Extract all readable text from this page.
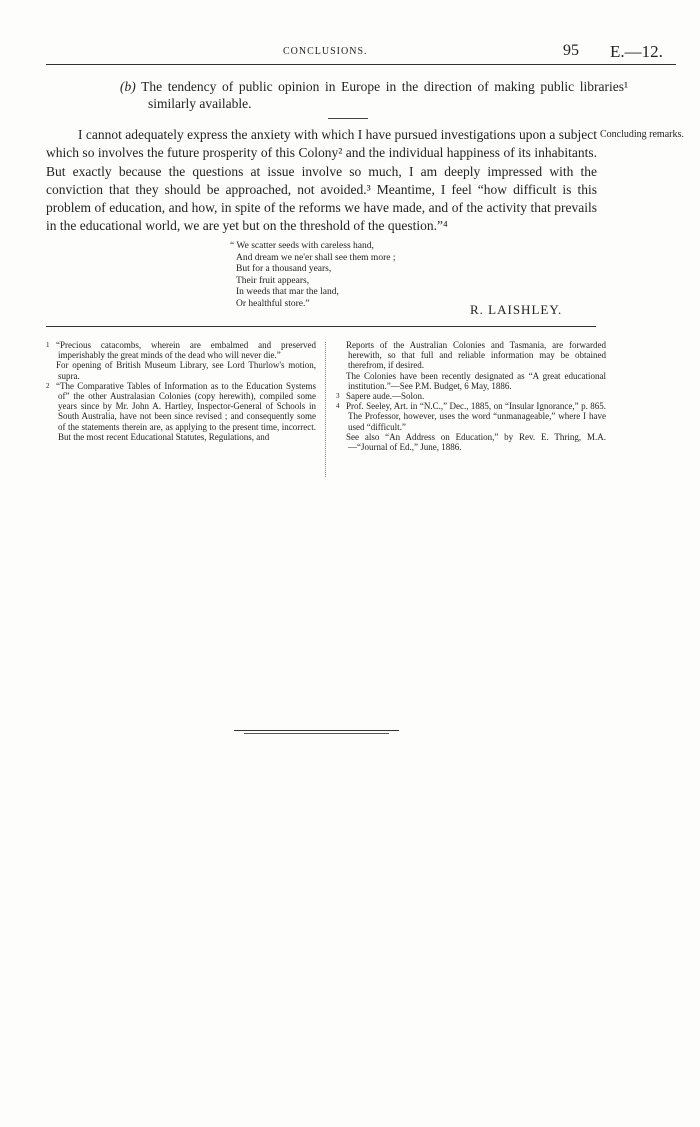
CONCLUSIONS.	95 E.—12.
(b) The tendency of public opinion in Europe in the direction of making public libraries¹ similarly available.
I cannot adequately express the anxiety with which I have pursued investigations upon a subject which so involves the future prosperity of this Colony² and the individual happiness of its inhabitants. But exactly because the questions at issue involve so much, I am deeply impressed with the conviction that they should be approached, not avoided.³ Meantime, I feel “how difficult is this problem of education, and how, in spite of the reforms we have made, and of the activity that prevails in the educational world, we are yet but on the threshold of the question.”⁴
Concluding remarks.
“ We scatter seeds with careless hand,
And dream we ne'er shall see them more ;
But for a thousand years,
Their fruit appears,
In weeds that mar the land,
Or healthful store.”	R. LAISHLEY.
1 “Precious catacombs, wherein are embalmed and preserved imperishably the great minds of the dead who will never die.”
For opening of British Museum Library, see Lord Thurlow's motion, supra.
2 “The Comparative Tables of Information as to the Education Systems of” the other Australasian Colonies (copy herewith), compiled some years since by Mr. John A. Hartley, Inspector-General of Schools in South Australia, have not been since revised ; and consequently some of the statements therein are, as applying to the present time, incorrect. But the most recent Educational Statutes, Regulations, and
Reports of the Australian Colonies and Tasmania, are forwarded herewith, so that full and reliable information may be obtained therefrom, if desired.
The Colonies have been recently designated as “A great educational institution.”—See P.M. Budget, 6 May, 1886.
3 Sapere aude.—Solon.
4 Prof. Seeley, Art. in “N.C.,” Dec., 1885, on “Insular Ignorance,” p. 865. The Professor, however, uses the word “unmanageable,” where I have used “difficult.”
See also “An Address on Education,” by Rev. E. Thring, M.A.—“Journal of Ed.,” June, 1886.
